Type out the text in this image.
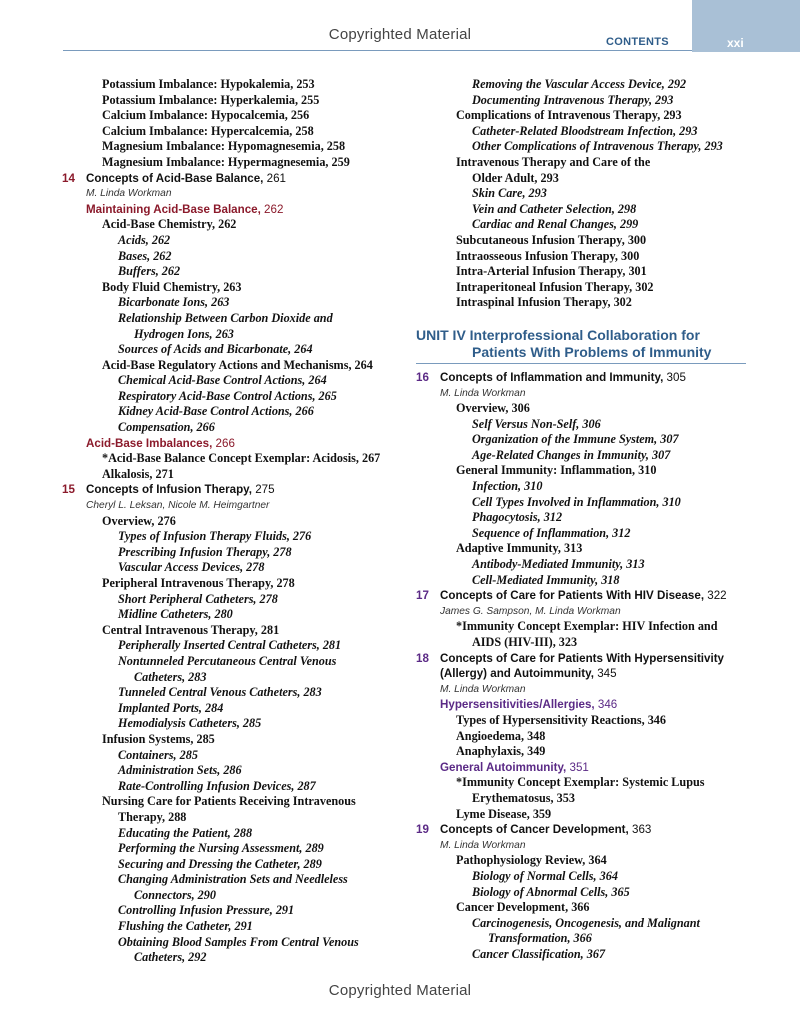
Copyrighted Material	CONTENTS	xxi
Potassium Imbalance: Hypokalemia, 253
Potassium Imbalance: Hyperkalemia, 255
Calcium Imbalance: Hypocalcemia, 256
Calcium Imbalance: Hypercalcemia, 258
Magnesium Imbalance: Hypomagnesemia, 258
Magnesium Imbalance: Hypermagnesemia, 259
14 Concepts of Acid-Base Balance, 261
M. Linda Workman
Maintaining Acid-Base Balance, 262
Acid-Base Chemistry, 262
Acids, 262
Bases, 262
Buffers, 262
Body Fluid Chemistry, 263
Bicarbonate Ions, 263
Relationship Between Carbon Dioxide and
Hydrogen Ions, 263
Sources of Acids and Bicarbonate, 264
Acid-Base Regulatory Actions and Mechanisms, 264
Chemical Acid-Base Control Actions, 264
Respiratory Acid-Base Control Actions, 265
Kidney Acid-Base Control Actions, 266
Compensation, 266
Acid-Base Imbalances, 266
*Acid-Base Balance Concept Exemplar: Acidosis, 267
Alkalosis, 271
15 Concepts of Infusion Therapy, 275
Cheryl L. Leksan, Nicole M. Heimgartner
Overview, 276
Types of Infusion Therapy Fluids, 276
Prescribing Infusion Therapy, 278
Vascular Access Devices, 278
Peripheral Intravenous Therapy, 278
Short Peripheral Catheters, 278
Midline Catheters, 280
Central Intravenous Therapy, 281
Peripherally Inserted Central Catheters, 281
Nontunneled Percutaneous Central Venous
Catheters, 283
Tunneled Central Venous Catheters, 283
Implanted Ports, 284
Hemodialysis Catheters, 285
Infusion Systems, 285
Containers, 285
Administration Sets, 286
Rate-Controlling Infusion Devices, 287
Nursing Care for Patients Receiving Intravenous
Therapy, 288
Educating the Patient, 288
Performing the Nursing Assessment, 289
Securing and Dressing the Catheter, 289
Changing Administration Sets and Needleless
Connectors, 290
Controlling Infusion Pressure, 291
Flushing the Catheter, 291
Obtaining Blood Samples From Central Venous
Catheters, 292
Removing the Vascular Access Device, 292
Documenting Intravenous Therapy, 293
Complications of Intravenous Therapy, 293
Catheter-Related Bloodstream Infection, 293
Other Complications of Intravenous Therapy, 293
Intravenous Therapy and Care of the
Older Adult, 293
Skin Care, 293
Vein and Catheter Selection, 298
Cardiac and Renal Changes, 299
Subcutaneous Infusion Therapy, 300
Intraosseous Infusion Therapy, 300
Intra-Arterial Infusion Therapy, 301
Intraperitoneal Infusion Therapy, 302
Intraspinal Infusion Therapy, 302
UNIT IV Interprofessional Collaboration for
Patients With Problems of Immunity
16 Concepts of Inflammation and Immunity, 305
M. Linda Workman
Overview, 306
Self Versus Non-Self, 306
Organization of the Immune System, 307
Age-Related Changes in Immunity, 307
General Immunity: Inflammation, 310
Infection, 310
Cell Types Involved in Inflammation, 310
Phagocytosis, 312
Sequence of Inflammation, 312
Adaptive Immunity, 313
Antibody-Mediated Immunity, 313
Cell-Mediated Immunity, 318
17 Concepts of Care for Patients With HIV Disease, 322
James G. Sampson, M. Linda Workman
*Immunity Concept Exemplar: HIV Infection and
AIDS (HIV-III), 323
18 Concepts of Care for Patients With Hypersensitivity
(Allergy) and Autoimmunity, 345
M. Linda Workman
Hypersensitivities/Allergies, 346
Types of Hypersensitivity Reactions, 346
Angioedema, 348
Anaphylaxis, 349
General Autoimmunity, 351
*Immunity Concept Exemplar: Systemic Lupus
Erythematosus, 353
Lyme Disease, 359
19 Concepts of Cancer Development, 363
M. Linda Workman
Pathophysiology Review, 364
Biology of Normal Cells, 364
Biology of Abnormal Cells, 365
Cancer Development, 366
Carcinogenesis, Oncogenesis, and Malignant
Transformation, 366
Cancer Classification, 367
Copyrighted Material
